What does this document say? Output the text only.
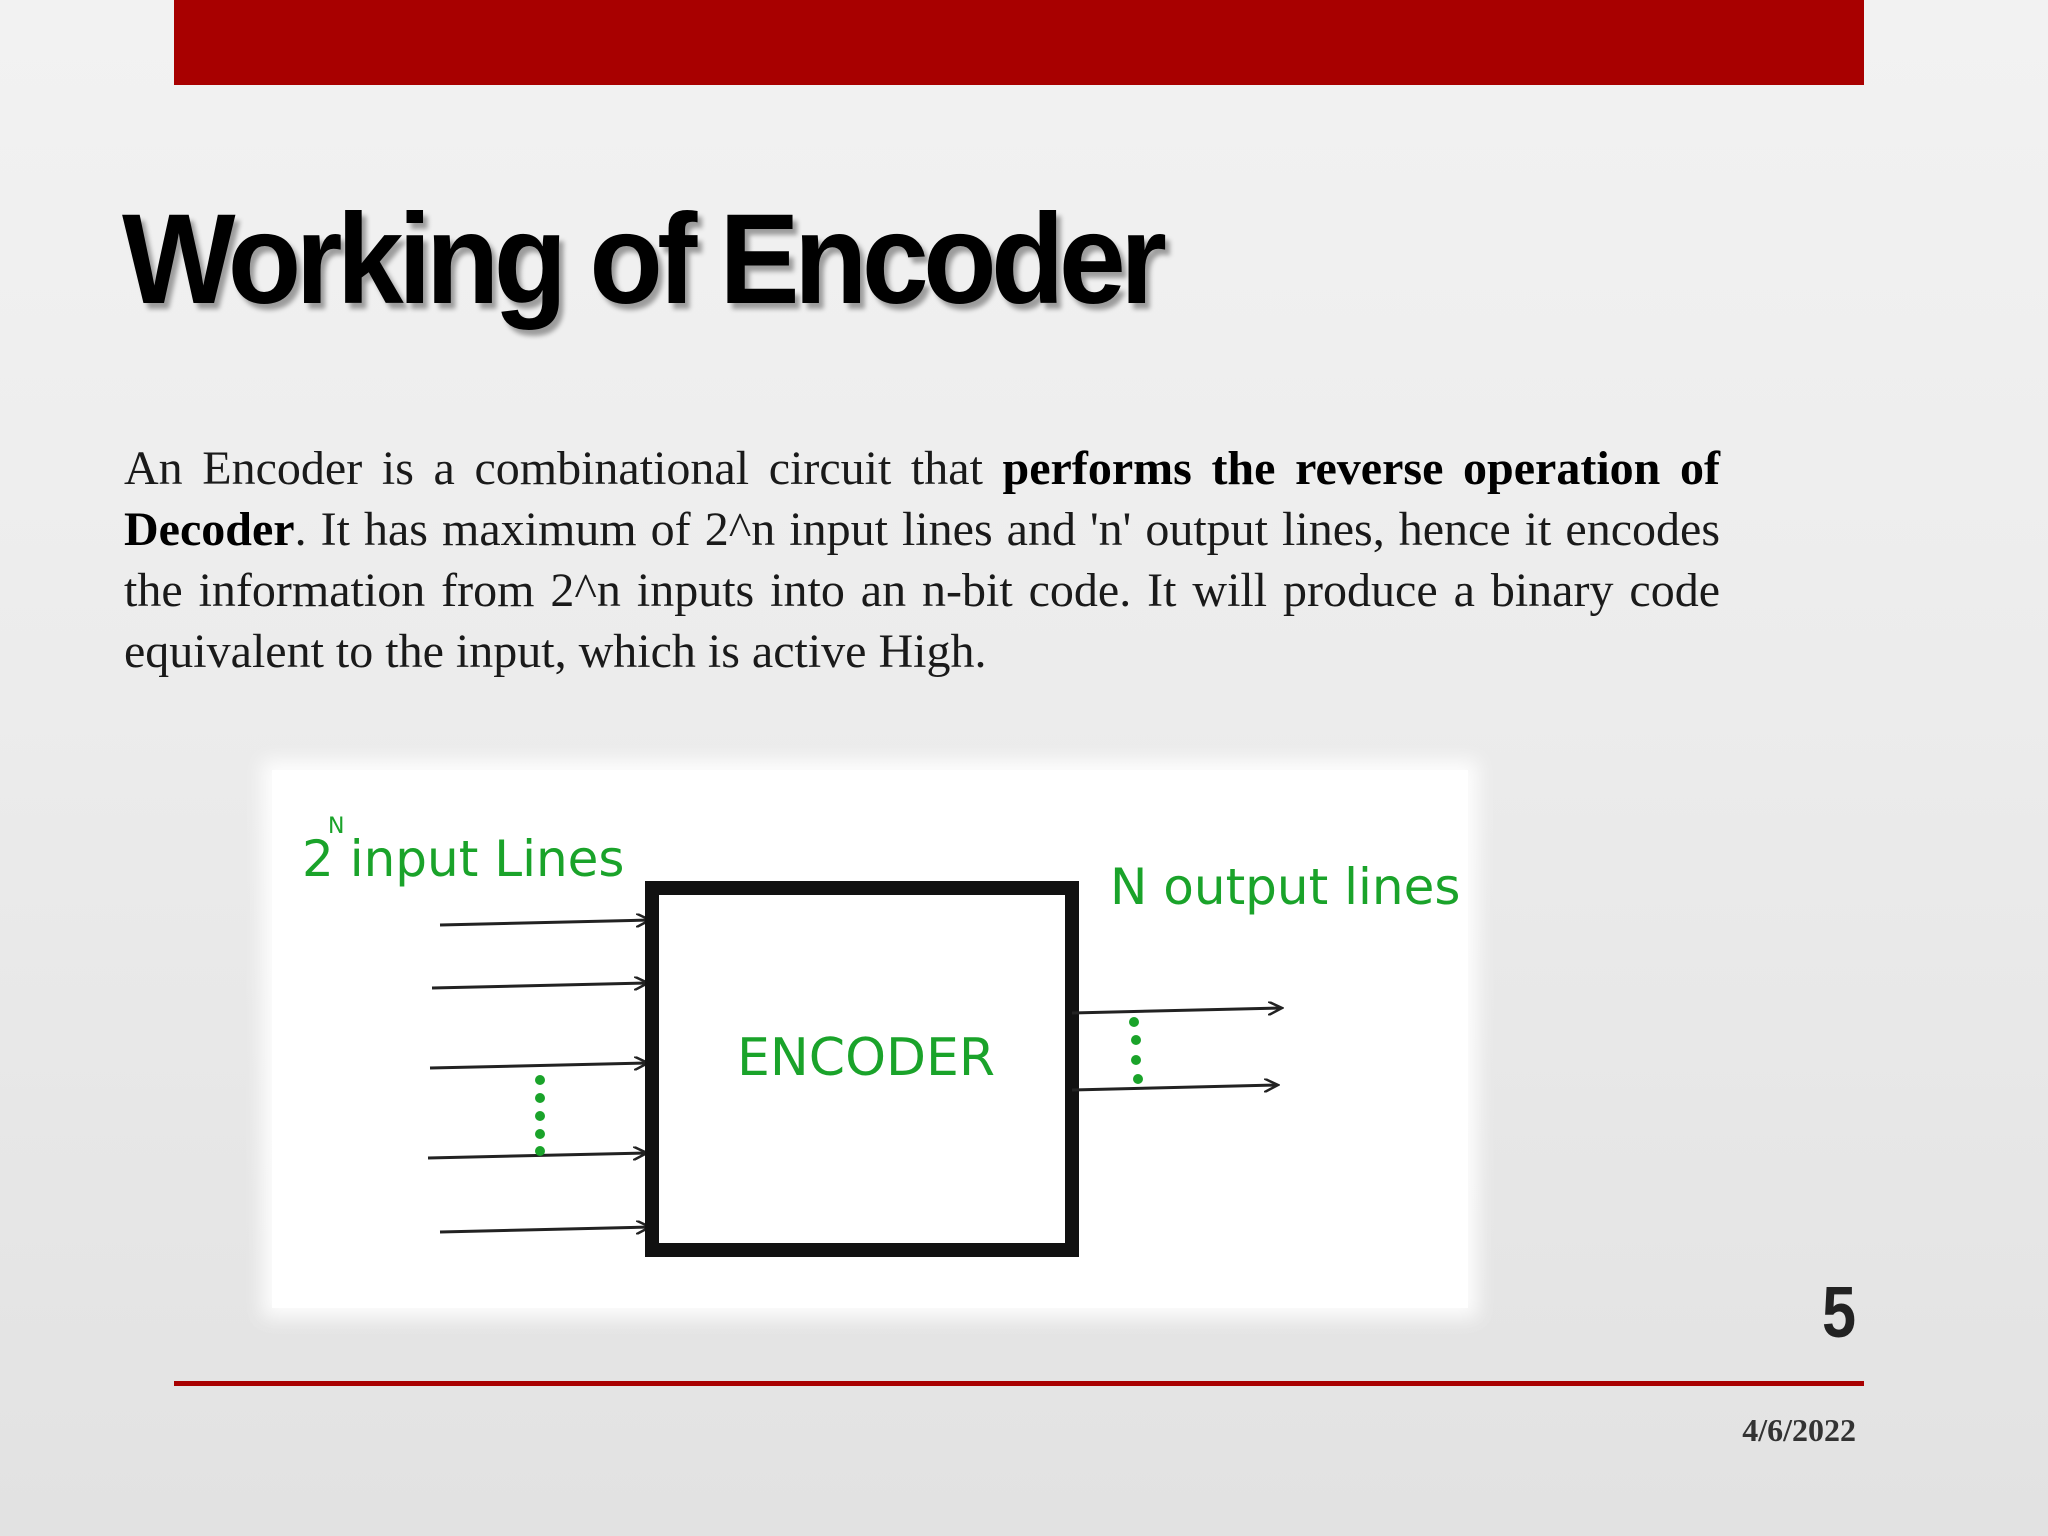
Working of Encoder

An Encoder is a combinational circuit that performs the reverse operation of Decoder. It has maximum of 2^n input lines and 'n' output lines, hence it encodes the information from 2^n inputs into an n-bit code. It will produce a binary code equivalent to the input, which is active High.

2
N
input Lines	N output lines
ENCODER
5
4/6/2022
